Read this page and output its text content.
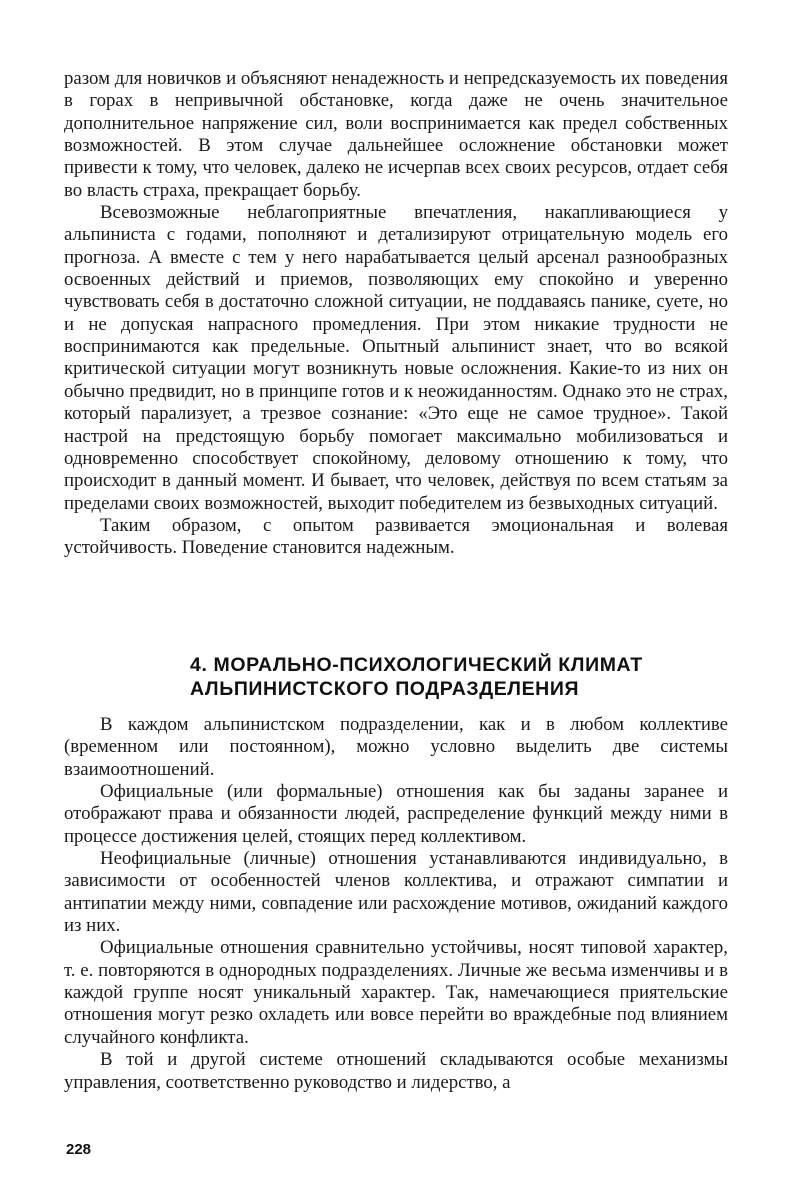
разом для новичков и объясняют ненадежность и непредсказуемость их поведения в горах в непривычной обстановке, когда даже не очень значительное дополнительное напряжение сил, воли воспринимается как предел собственных возможностей. В этом случае дальнейшее осложнение обстановки может привести к тому, что человек, далеко не исчерпав всех своих ресурсов, отдает себя во власть страха, прекращает борьбу.

Всевозможные неблагоприятные впечатления, накапливающиеся у альпиниста с годами, пополняют и детализируют отрицательную модель его прогноза. А вместе с тем у него нарабатывается целый арсенал разнообразных освоенных действий и приемов, позволяющих ему спокойно и уверенно чувствовать себя в достаточно сложной ситуации, не поддаваясь панике, суете, но и не допуская напрасного промедления. При этом никакие трудности не воспринимаются как предельные. Опытный альпинист знает, что во всякой критической ситуации могут возникнуть новые осложнения. Какие-то из них он обычно предвидит, но в принципе готов и к неожиданностям. Однако это не страх, который парализует, а трезвое сознание: «Это еще не самое трудное». Такой настрой на предстоящую борьбу помогает максимально мобилизоваться и одновременно способствует спокойному, деловому отношению к тому, что происходит в данный момент. И бывает, что человек, действуя по всем статьям за пределами своих возможностей, выходит победителем из безвыходных ситуаций.

Таким образом, с опытом развивается эмоциональная и волевая устойчивость. Поведение становится надежным.

4. МОРАЛЬНО-ПСИХОЛОГИЧЕСКИЙ КЛИМАТ
АЛЬПИНИСТСКОГО ПОДРАЗДЕЛЕНИЯ

В каждом альпинистском подразделении, как и в любом коллективе (временном или постоянном), можно условно выделить две системы взаимоотношений.

Официальные (или формальные) отношения как бы заданы заранее и отображают права и обязанности людей, распределение функций между ними в процессе достижения целей, стоящих перед коллективом.

Неофициальные (личные) отношения устанавливаются индивидуально, в зависимости от особенностей членов коллектива, и отражают симпатии и антипатии между ними, совпадение или расхождение мотивов, ожиданий каждого из них.

Официальные отношения сравнительно устойчивы, носят типовой характер, т. е. повторяются в однородных подразделениях. Личные же весьма изменчивы и в каждой группе носят уникальный характер. Так, намечающиеся приятельские отношения могут резко охладеть или вовсе перейти во враждебные под влиянием случайного конфликта.

В той и другой системе отношений складываются особые механизмы управления, соответственно руководство и лидерство, а

228
